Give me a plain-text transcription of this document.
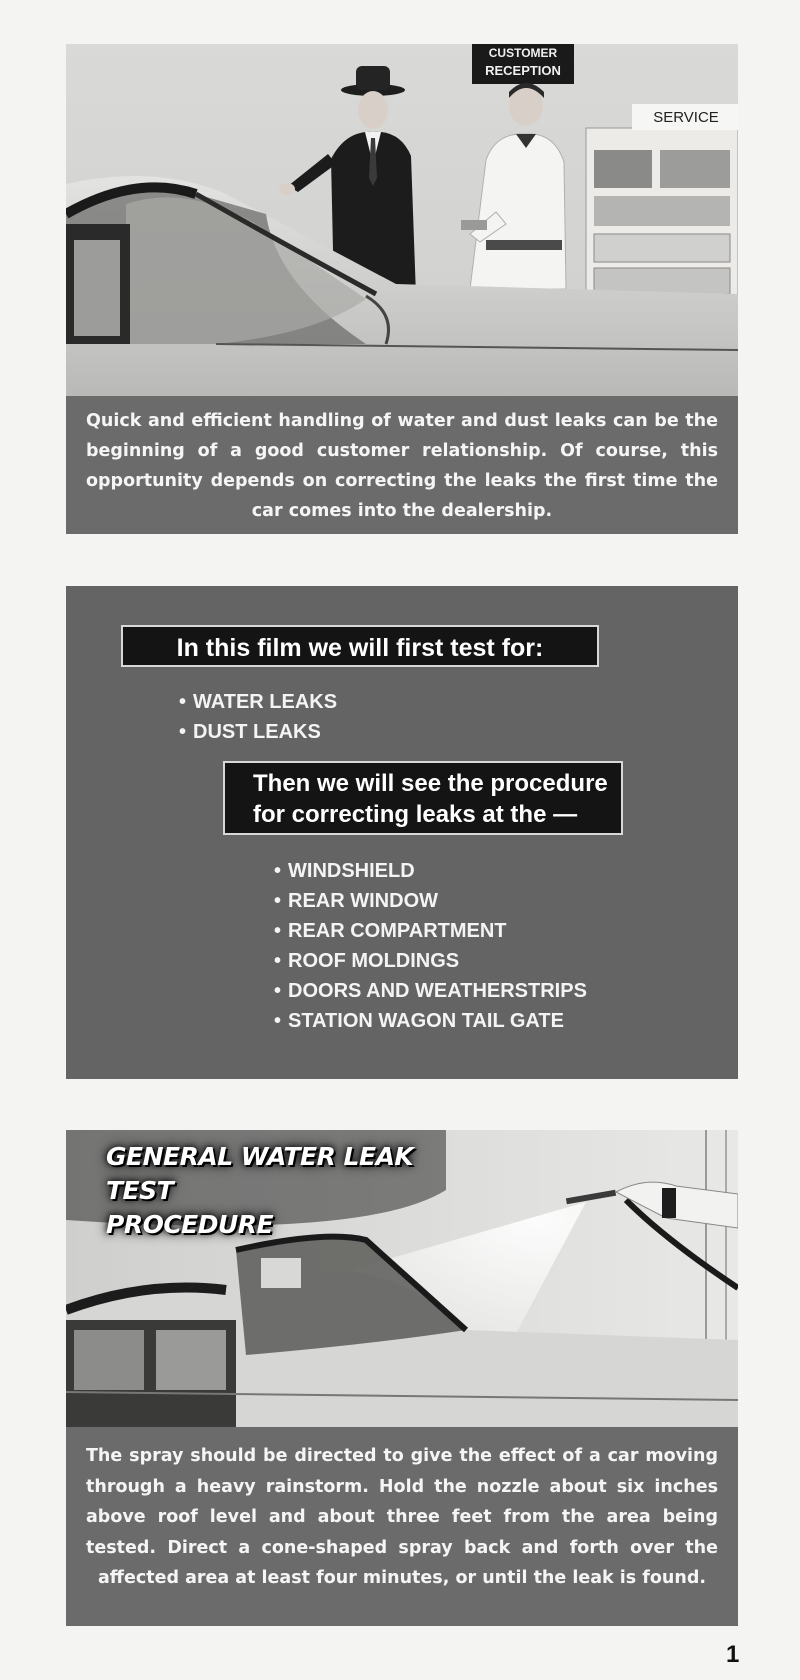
CUSTOMER
RECEPTION
SERVICE
Quick and efficient handling of water and dust leaks can be the beginning of a good customer relationship. Of course, this opportunity depends on correcting the leaks the first time the car comes into the dealership.
In this film we will first test for:
• WATER LEAKS
• DUST LEAKS
Then we will see the procedure
for correcting leaks at the —
• WINDSHIELD
• REAR WINDOW
• REAR COMPARTMENT
• ROOF MOLDINGS
• DOORS AND WEATHERSTRIPS
• STATION WAGON TAIL GATE
GENERAL WATER LEAK TEST
PROCEDURE
The spray should be directed to give the effect of a car moving through a heavy rainstorm. Hold the nozzle about six inches above roof level and about three feet from the area being tested. Direct a cone-shaped spray back and forth over the affected area at least four minutes, or until the leak is found.
1
